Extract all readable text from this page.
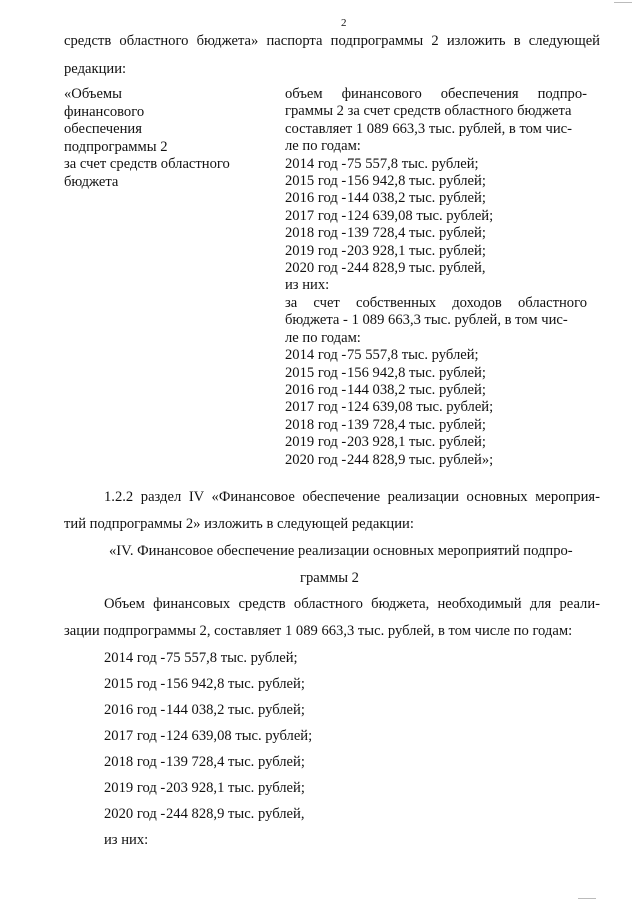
2
средств областного бюджета» паспорта подпрограммы 2 изложить в следующей
редакции:
«Объемы
финансового
обеспечения
подпрограммы 2
за счет средств областного
бюджета
объем финансового обеспечения подпро-
граммы 2 за счет средств областного бюджета
составляет 1 089 663,3 тыс. рублей, в том чис-
ле по годам:
2014 год -75 557,8 тыс. рублей;
2015 год -156 942,8 тыс. рублей;
2016 год -144 038,2 тыс. рублей;
2017 год -124 639,08 тыс. рублей;
2018 год -139 728,4 тыс. рублей;
2019 год -203 928,1 тыс. рублей;
2020 год -244 828,9 тыс. рублей,
из них:
за счет собственных доходов областного
бюджета - 1 089 663,3 тыс. рублей, в том чис-
ле по годам:
2014 год -75 557,8 тыс. рублей;
2015 год -156 942,8 тыс. рублей;
2016 год -144 038,2 тыс. рублей;
2017 год -124 639,08 тыс. рублей;
2018 год -139 728,4 тыс. рублей;
2019 год -203 928,1 тыс. рублей;
2020 год -244 828,9 тыс. рублей»;
1.2.2 раздел IV «Финансовое обеспечение реализации основных мероприя-
тий подпрограммы 2» изложить в следующей редакции:
«IV. Финансовое обеспечение реализации основных мероприятий подпро-
граммы 2
Объем финансовых средств областного бюджета, необходимый для реали-
зации подпрограммы 2, составляет 1 089 663,3 тыс. рублей, в том числе по годам:
2014 год -75 557,8 тыс. рублей;
2015 год -156 942,8 тыс. рублей;
2016 год -144 038,2 тыс. рублей;
2017 год -124 639,08 тыс. рублей;
2018 год -139 728,4 тыс. рублей;
2019 год -203 928,1 тыс. рублей;
2020 год -244 828,9 тыс. рублей,
из них:
